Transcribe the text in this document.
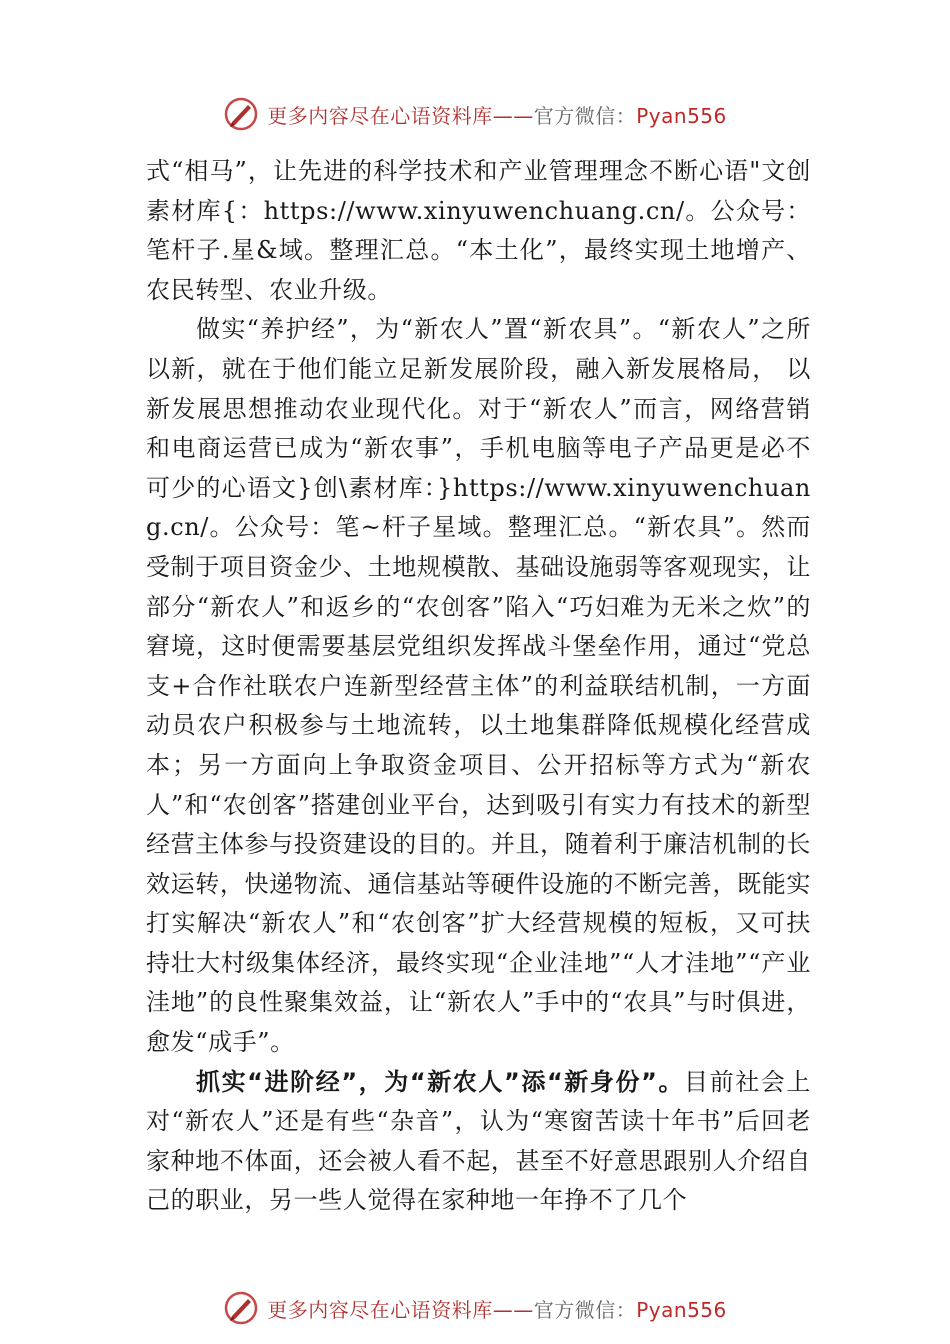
更多内容尽在心语资料库——官方微信：Pyan556

式“相马”，让先进的科学技术和产业管理理念不断心语"文创素材库{：https://www.xinyuwenchuang.cn/。公众号：笔杆子.星&域。整理汇总。“本土化”，最终实现土地增产、农民转型、农业升级。

做实“养护经”，为“新农人”置“新农具”。“新农人”之所以新，就在于他们能立足新发展阶段，融入新发展格局， 以新发展思想推动农业现代化。对于“新农人”而言，网络营销和电商运营已成为“新农事”，手机电脑等电子产品更是必不可少的心语文}创\素材库：}https://www.xinyuwenchuang.cn/。公众号：笔~杆子星域。整理汇总。“新农具”。然而受制于项目资金少、土地规模散、基础设施弱等客观现实，让部分“新农人”和返乡的“农创客”陷入“巧妇难为无米之炊”的窘境，这时便需要基层党组织发挥战斗堡垒作用，通过“党总支+合作社联农户连新型经营主体”的利益联结机制，一方面动员农户积极参与土地流转，以土地集群降低规模化经营成本；另一方面向上争取资金项目、公开招标等方式为“新农人”和“农创客”搭建创业平台，达到吸引有实力有技术的新型经营主体参与投资建设的目的。并且，随着利于廉洁机制的长效运转，快递物流、通信基站等硬件设施的不断完善，既能实打实解决“新农人”和“农创客”扩大经营规模的短板，又可扶持壮大村级集体经济，最终实现“企业洼地”“人才洼地”“产业洼地”的良性聚集效益，让“新农人”手中的“农具”与时俱进， 愈发“成手”。

抓实“进阶经”，为“新农人”添“新身份”。目前社会上对“新农人”还是有些“杂音”，认为“寒窗苦读十年书”后回老家种地不体面，还会被人看不起，甚至不好意思跟别人介绍自己的职业，另一些人觉得在家种地一年挣不了几个

更多内容尽在心语资料库——官方微信：Pyan556
